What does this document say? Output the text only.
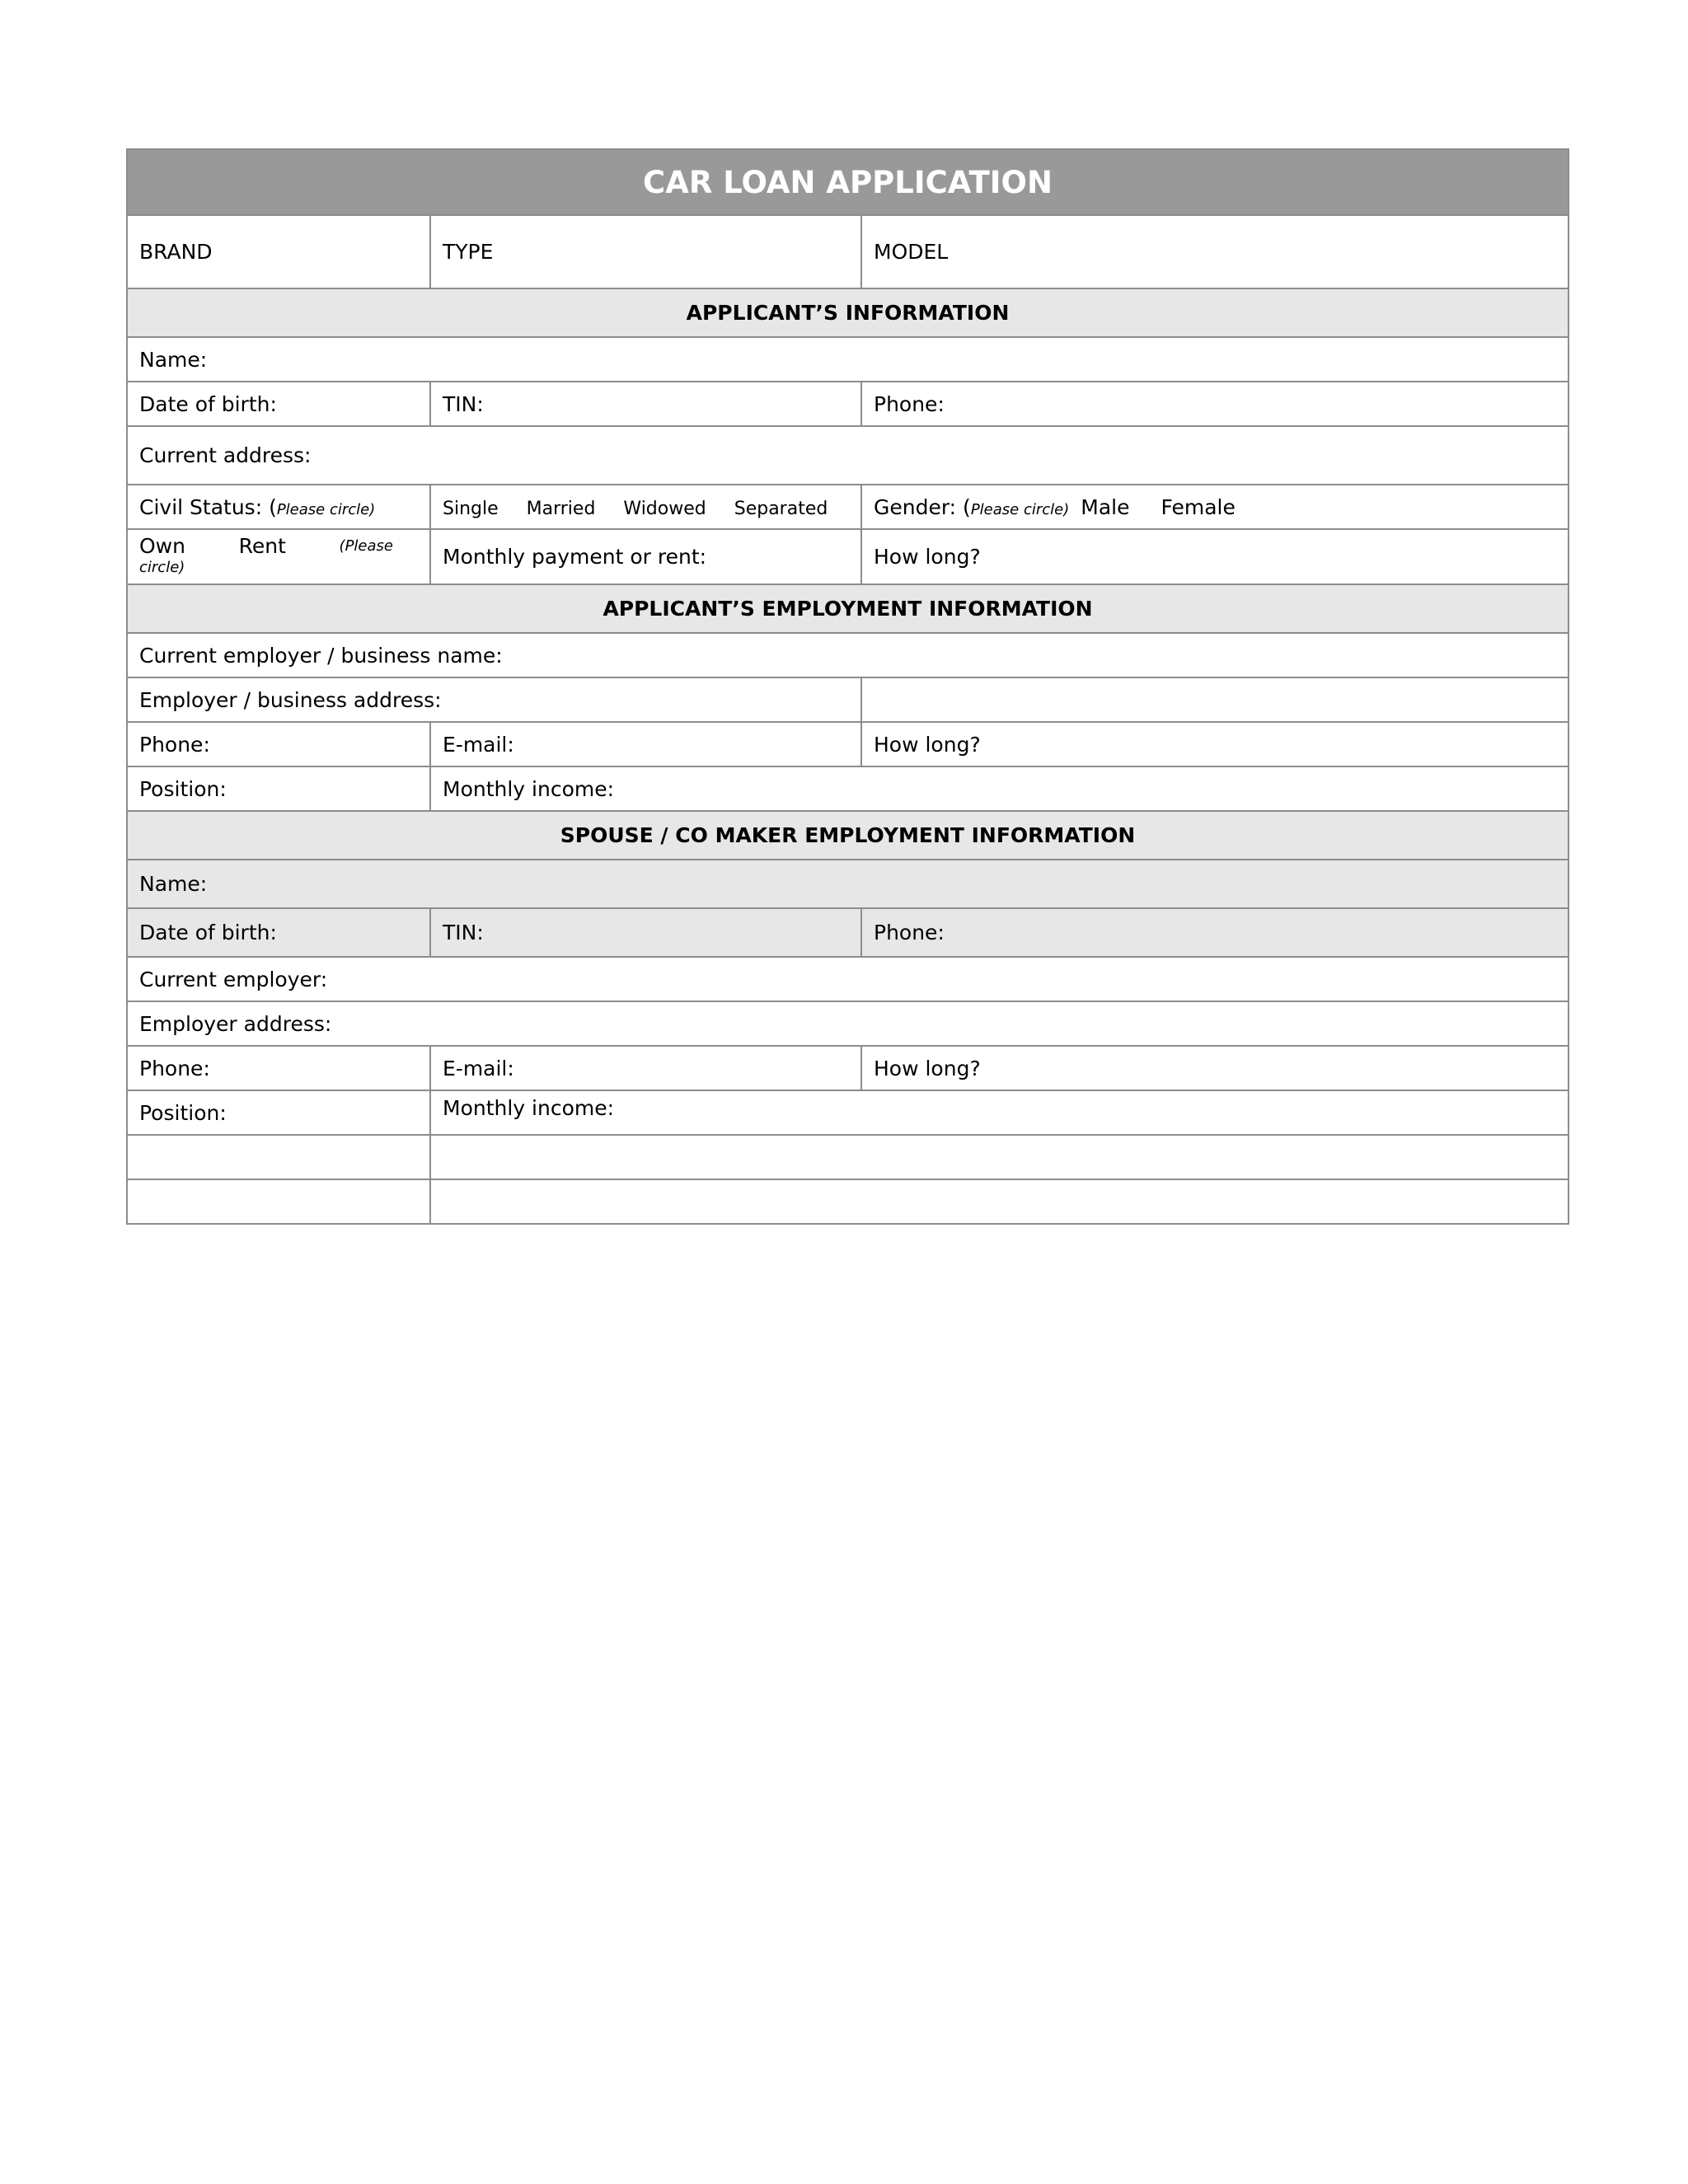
CAR LOAN APPLICATION		
BRAND	TYPE	MODEL
APPLICANT’S INFORMATION		
Name:		
Date of birth:	TIN:	Phone:
Current address:		
Civil Status: (Please circle)	Single Married Widowed Separated	Gender: (Please circle) Male Female

Own Rent (Please
circle)	Monthly payment or rent:	How long?
APPLICANT’S EMPLOYMENT INFORMATION		
Current employer / business name:		
Employer / business address:		
Phone:	E-mail:	How long?
Position:	Monthly income:	
SPOUSE / CO MAKER EMPLOYMENT INFORMATION		
Name:		
Date of birth:	TIN:	Phone:
Current employer:		
Employer address:		
Phone:	E-mail:	How long?
Position:	Monthly income:	
